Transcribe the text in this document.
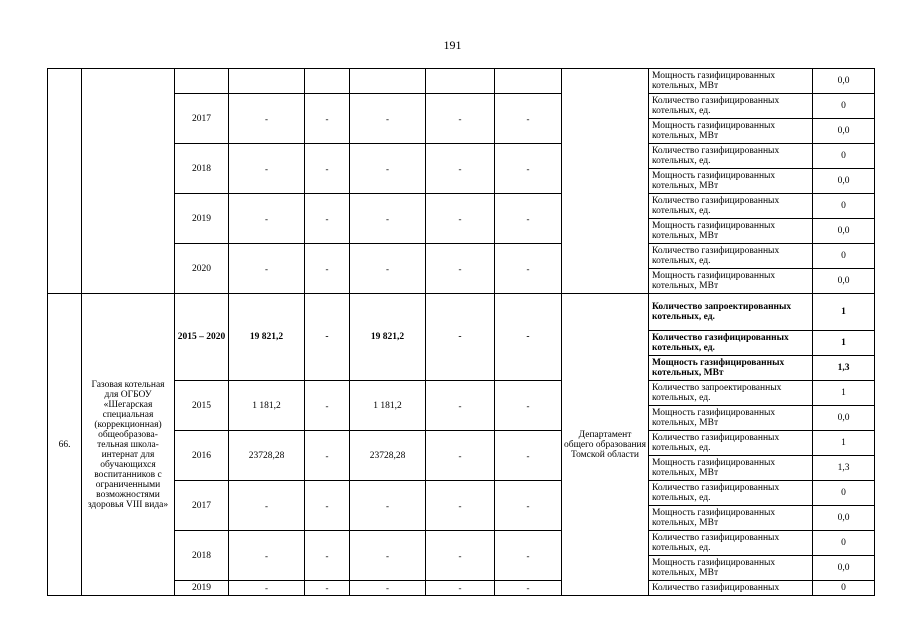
191
									Мощность газифицированных котельных, МВт	0,0
		2017	-	-	-	-	-		Количество газифицированных котельных, ед.	0
									Мощность газифицированных котельных, МВт	0,0
		2018	-	-	-	-	-		Количество газифицированных котельных, ед.	0
									Мощность газифицированных котельных, МВт	0,0
		2019	-	-	-	-	-		Количество газифицированных котельных, ед.	0
									Мощность газифицированных котельных, МВт	0,0
		2020	-	-	-	-	-		Количество газифицированных котельных, ед.	0
									Мощность газифицированных котельных, МВт	0,0
66.	Газовая котельная для ОГБОУ «Шегарская специальная (коррекционная) общеобразова-тельная школа-интернат для обучающихся воспитанников с ограниченными возможностями здоровья VIII вида»	2015 – 2020	19 821,2	-	19 821,2	-	-	Департамент общего образования Томской области	Количество запроектированных котельных, ед.	1
									Количество газифицированных котельных, ед.	1
									Мощность газифицированных котельных, МВт	1,3
		2015	1 181,2	-	1 181,2	-	-		Количество запроектированных котельных, ед.	1
									Мощность газифицированных котельных, МВт	0,0
		2016	23728,28	-	23728,28	-	-		Количество газифицированных котельных, ед.	1
									Мощность газифицированных котельных, МВт	1,3
		2017	-	-	-	-	-		Количество газифицированных котельных, ед.	0
									Мощность газифицированных котельных, МВт	0,0
		2018	-	-	-	-	-		Количество газифицированных котельных, ед.	0
									Мощность газифицированных котельных, МВт	0,0
		2019	-	-	-	-	-		Количество газифицированных	0
